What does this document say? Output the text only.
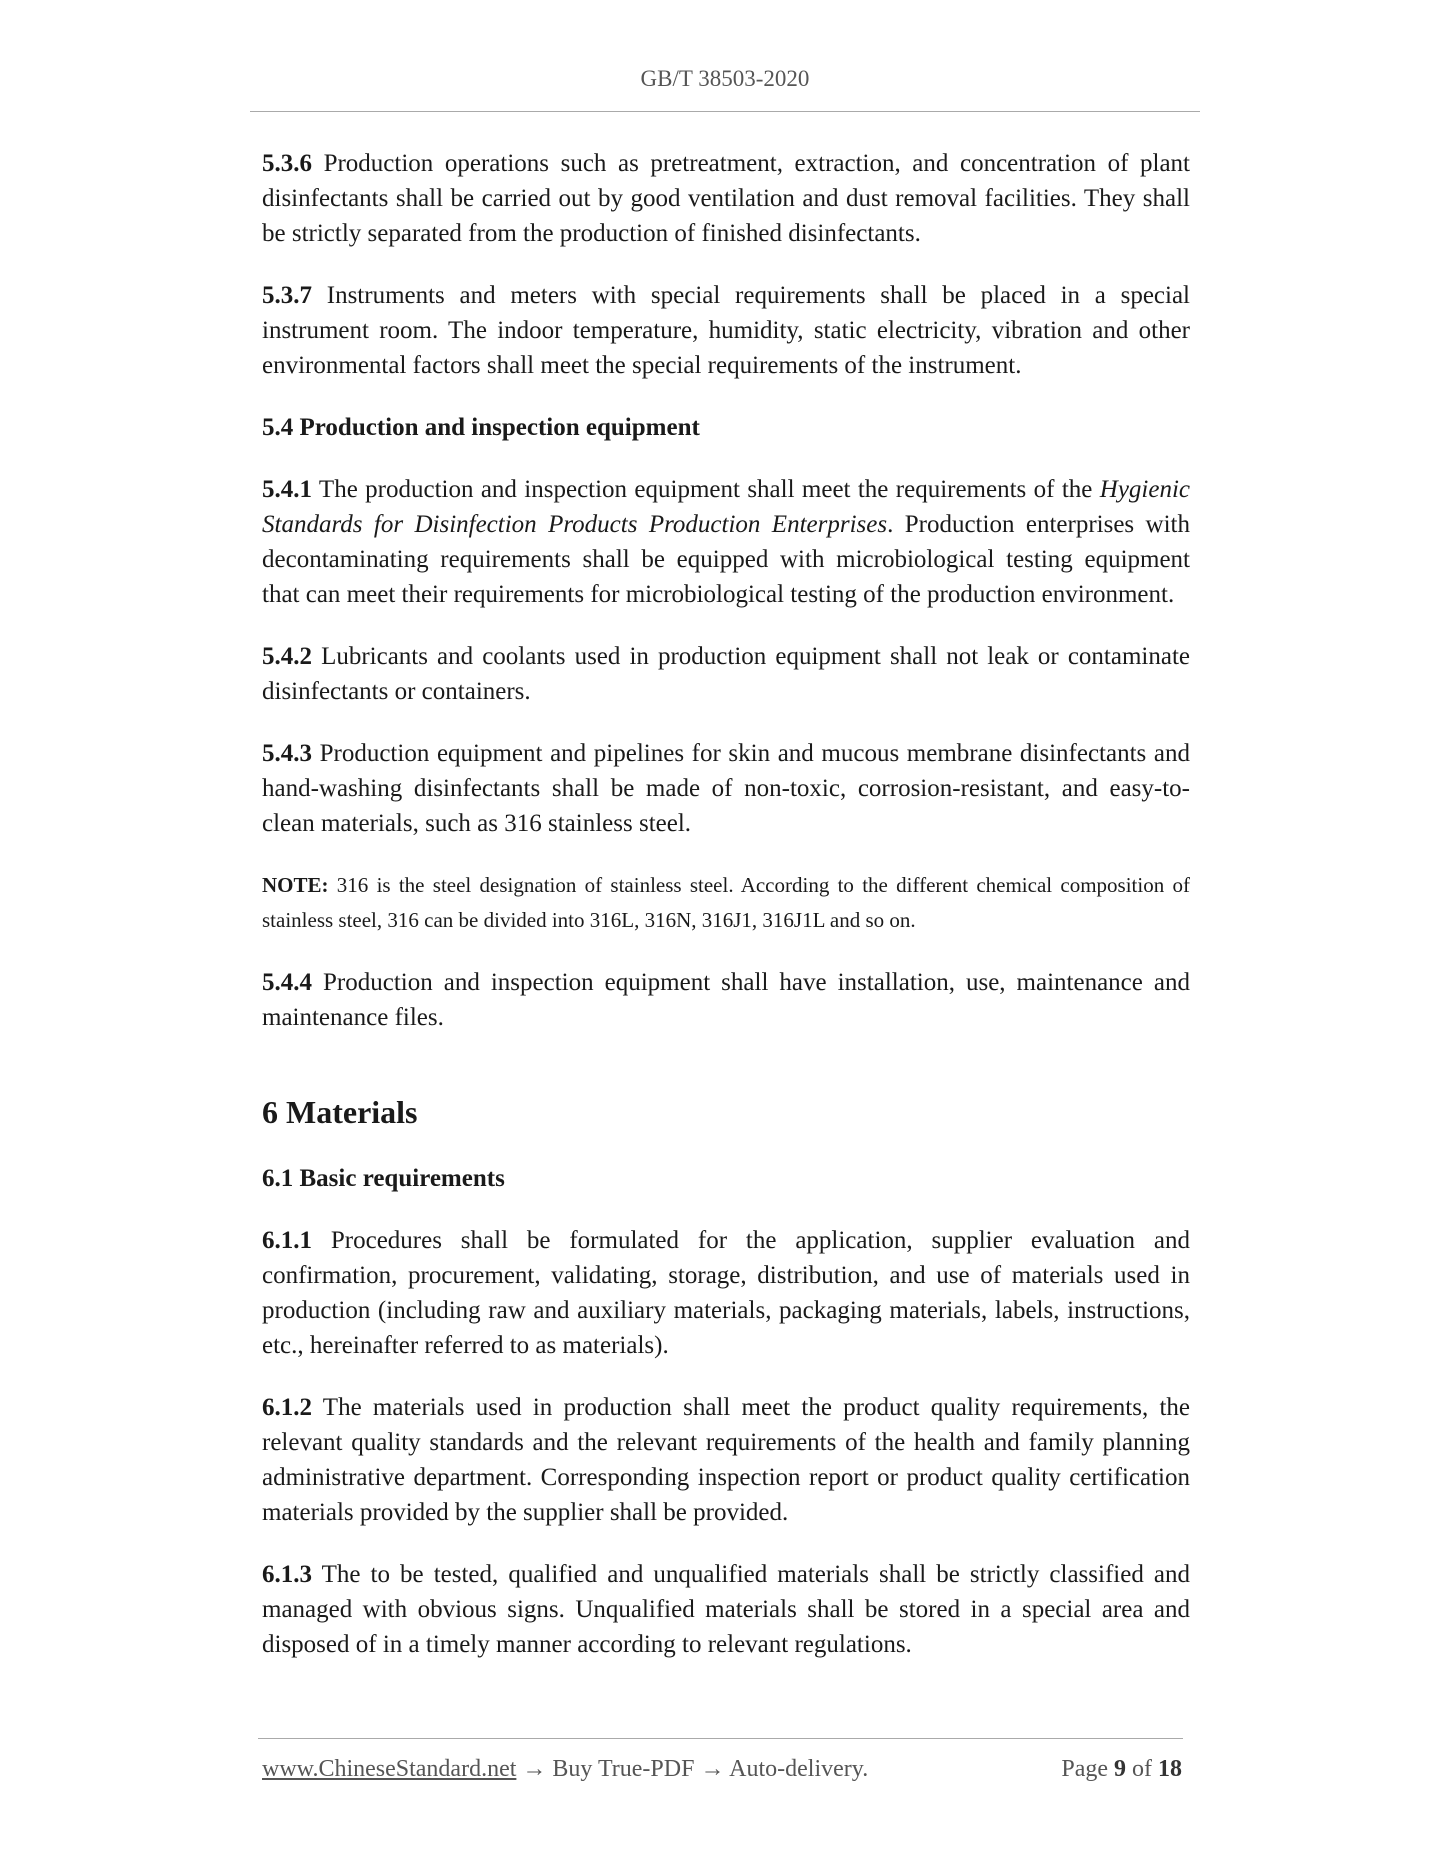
GB/T 38503-2020

5.3.6 Production operations such as pretreatment, extraction, and concentration of plant disinfectants shall be carried out by good ventilation and dust removal facilities. They shall be strictly separated from the production of finished disinfectants.

5.3.7 Instruments and meters with special requirements shall be placed in a special instrument room. The indoor temperature, humidity, static electricity, vibration and other environmental factors shall meet the special requirements of the instrument.

5.4 Production and inspection equipment

5.4.1 The production and inspection equipment shall meet the requirements of the Hygienic Standards for Disinfection Products Production Enterprises. Production enterprises with decontaminating requirements shall be equipped with microbiological testing equipment that can meet their requirements for microbiological testing of the production environment.

5.4.2 Lubricants and coolants used in production equipment shall not leak or contaminate disinfectants or containers.

5.4.3 Production equipment and pipelines for skin and mucous membrane disinfectants and hand-washing disinfectants shall be made of non-toxic, corrosion-resistant, and easy-to-clean materials, such as 316 stainless steel.

NOTE: 316 is the steel designation of stainless steel. According to the different chemical composition of stainless steel, 316 can be divided into 316L, 316N, 316J1, 316J1L and so on.

5.4.4 Production and inspection equipment shall have installation, use, maintenance and maintenance files.

6 Materials
6.1 Basic requirements

6.1.1 Procedures shall be formulated for the application, supplier evaluation and confirmation, procurement, validating, storage, distribution, and use of materials used in production (including raw and auxiliary materials, packaging materials, labels, instructions, etc., hereinafter referred to as materials).

6.1.2 The materials used in production shall meet the product quality requirements, the relevant quality standards and the relevant requirements of the health and family planning administrative department. Corresponding inspection report or product quality certification materials provided by the supplier shall be provided.

6.1.3 The to be tested, qualified and unqualified materials shall be strictly classified and managed with obvious signs. Unqualified materials shall be stored in a special area and disposed of in a timely manner according to relevant regulations.

www.ChineseStandard.net → Buy True-PDF → Auto-delivery.	Page 9 of 18
